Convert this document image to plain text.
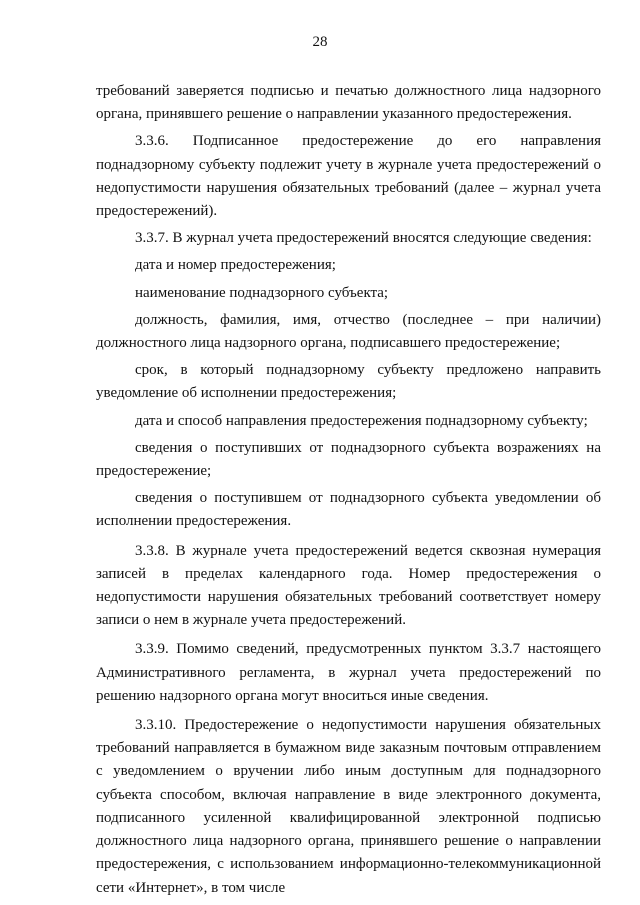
28

требований заверяется подписью и печатью должностного лица надзорного органа, принявшего решение о направлении указанного предостережения.

3.3.6. Подписанное предостережение до его направления поднадзорному субъекту подлежит учету в журнале учета предостережений о недопустимости нарушения обязательных требований (далее – журнал учета предостережений).

3.3.7. В журнал учета предостережений вносятся следующие сведения:

дата и номер предостережения;

наименование поднадзорного субъекта;

должность, фамилия, имя, отчество (последнее – при наличии) должностного лица надзорного органа, подписавшего предостережение;

срок, в который поднадзорному субъекту предложено направить уведомление об исполнении предостережения;

дата и способ направления предостережения поднадзорному субъекту;

сведения о поступивших от поднадзорного субъекта возражениях на предостережение;

сведения о поступившем от поднадзорного субъекта уведомлении об исполнении предостережения.

3.3.8. В журнале учета предостережений ведется сквозная нумерация записей в пределах календарного года. Номер предостережения о недопустимости нарушения обязательных требований соответствует номеру записи о нем в журнале учета предостережений.

3.3.9. Помимо сведений, предусмотренных пунктом 3.3.7 настоящего Административного регламента, в журнал учета предостережений по решению надзорного органа могут вноситься иные сведения.

3.3.10. Предостережение о недопустимости нарушения обязательных требований направляется в бумажном виде заказным почтовым отправлением с уведомлением о вручении либо иным доступным для поднадзорного субъекта способом, включая направление в виде электронного документа, подписанного усиленной квалифицированной электронной подписью должностного лица надзорного органа, принявшего решение о направлении предостережения, с использованием информационно-телекоммуникационной сети «Интернет», в том числе
